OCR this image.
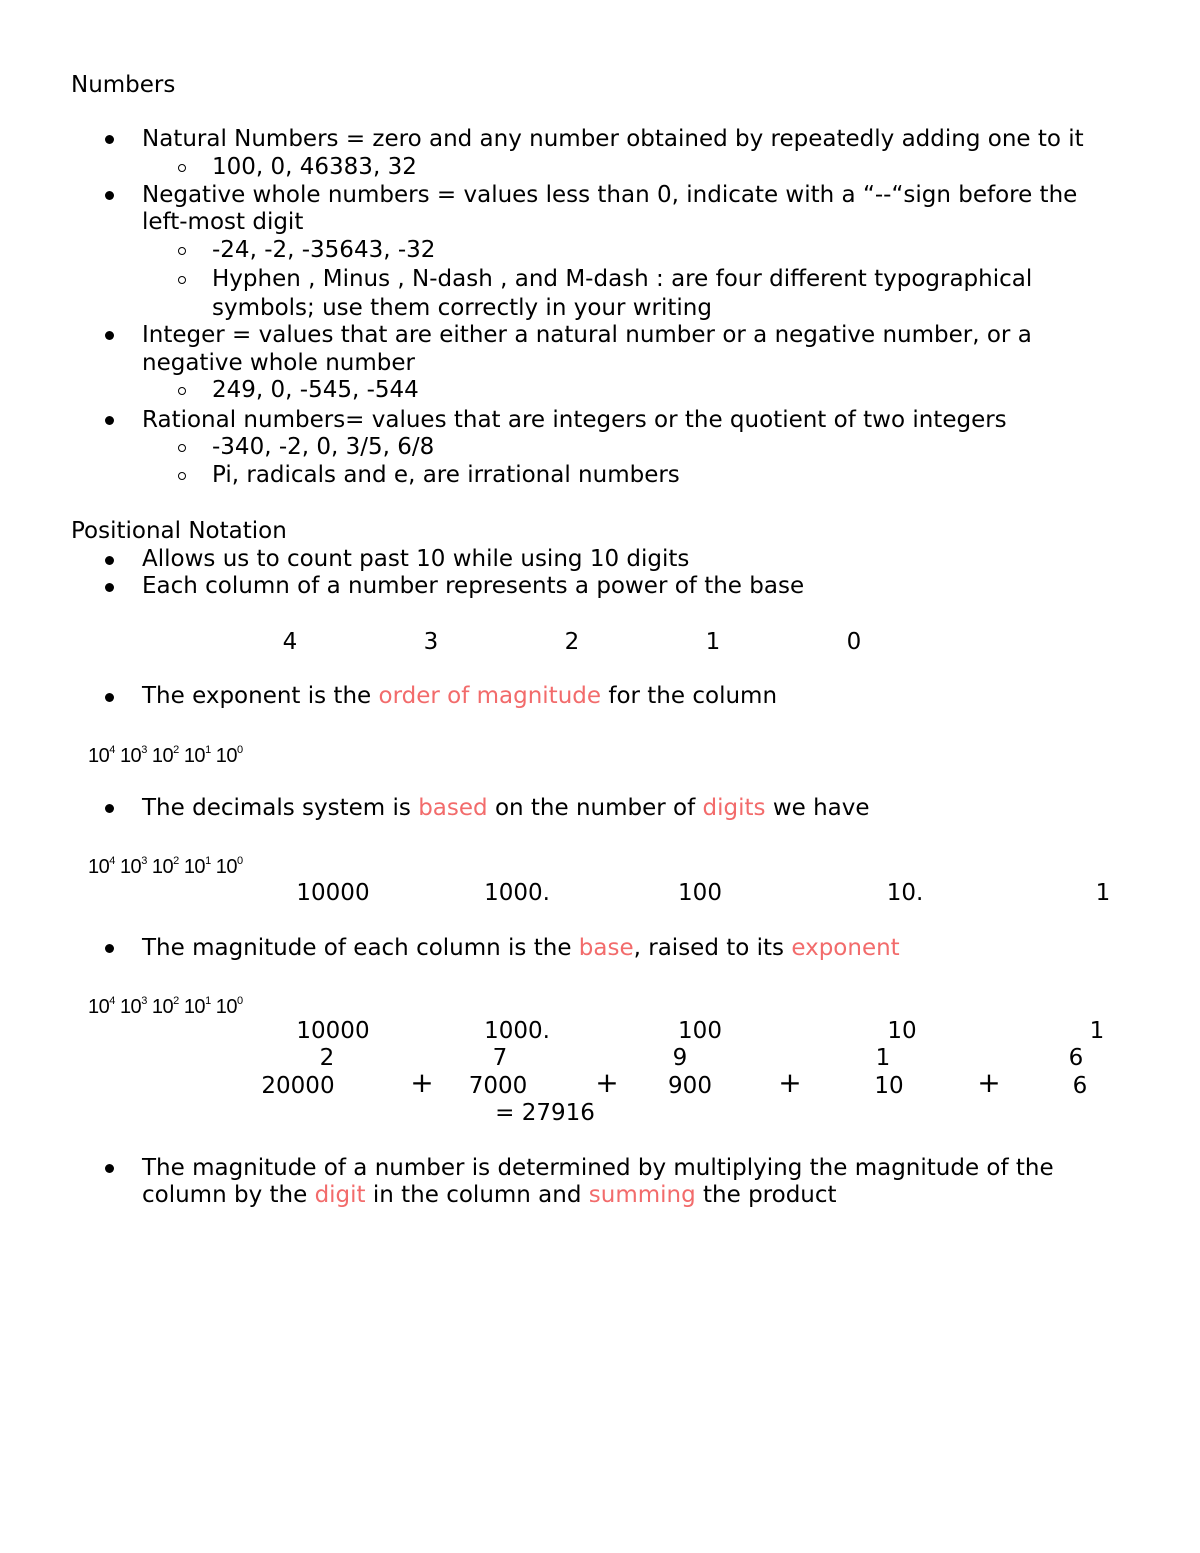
Numbers
Natural Numbers = zero and any number obtained by repeatedly adding one to it
100, 0, 46383, 32
Negative whole numbers = values less than 0, indicate with a “--“sign before the
left-most digit
-24, -2, -35643, -32
Hyphen , Minus , N-dash , and M-dash : are four different typographical
symbols; use them correctly in your writing
Integer = values that are either a natural number or a negative number, or a
negative whole number
249, 0, -545, -544
Rational numbers= values that are integers or the quotient of two integers
-340, -2, 0, 3/5, 6/8
Pi, radicals and e, are irrational numbers
Positional Notation
Allows us to count past 10 while using 10 digits
Each column of a number represents a power of the base
4	3	2	1	0
The exponent is the order of magnitude for the column
$10^4$ $10^3$ $10^2$ $10^1$ $10^0$
The decimals system is based on the number of digits we have
$10^4$ $10^3$ $10^2$ $10^1$ $10^0$
10000	1000.	100	10.	1
The magnitude of each column is the base, raised to its exponent
$10^4$ $10^3$ $10^2$ $10^1$ $10^0$
10000	1000.	100	10	1
2	7	9	1	6
20000	+	7000	+	900	+	10	+	6
= 27916
The magnitude of a number is determined by multiplying the magnitude of the
column by the digit in the column and summing the product
